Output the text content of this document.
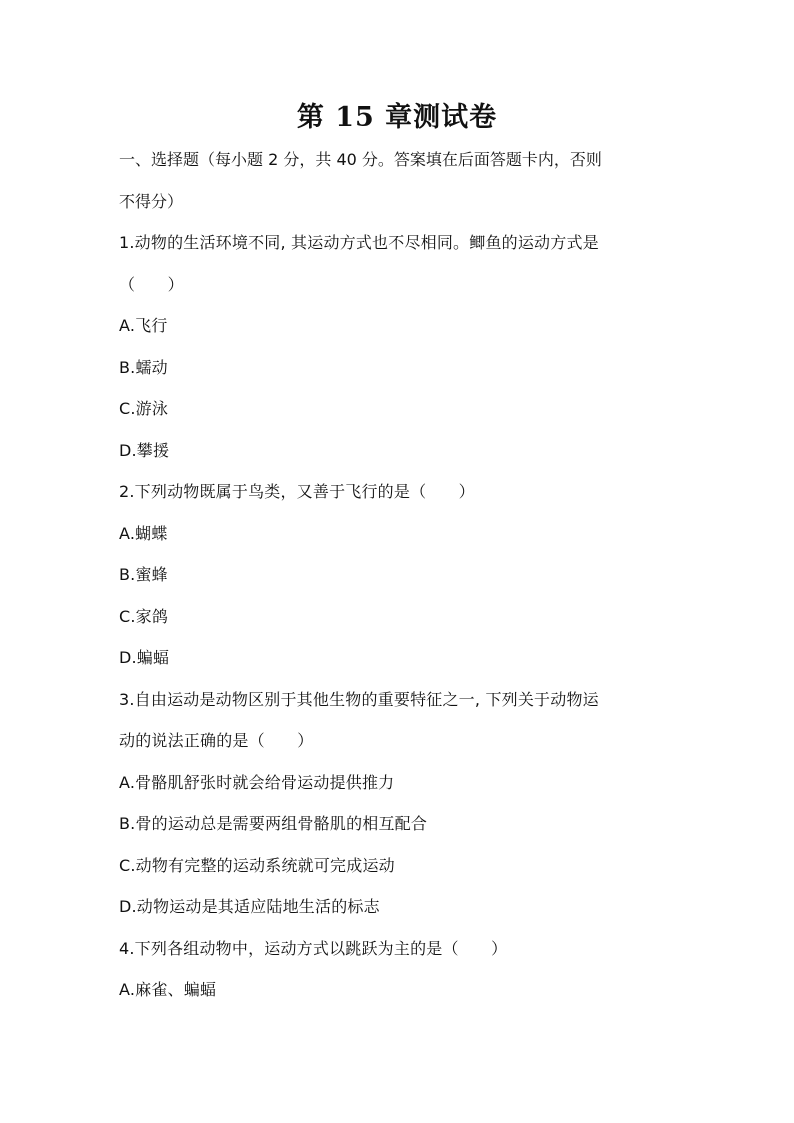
第 15 章测试卷
一、选择题（每小题 2 分，共 40 分。答案填在后面答题卡内，否则
不得分）
1.动物的生活环境不同, 其运动方式也不尽相同。鲫鱼的运动方式是
（　　）
A.飞行
B.蠕动
C.游泳
D.攀援
2.下列动物既属于鸟类，又善于飞行的是（　　）
A.蝴蝶
B.蜜蜂
C.家鸽
D.蝙蝠
3.自由运动是动物区别于其他生物的重要特征之一, 下列关于动物运
动的说法正确的是（　　）
A.骨骼肌舒张时就会给骨运动提供推力
B.骨的运动总是需要两组骨骼肌的相互配合
C.动物有完整的运动系统就可完成运动
D.动物运动是其适应陆地生活的标志
4.下列各组动物中，运动方式以跳跃为主的是（　　）
A.麻雀、蝙蝠
